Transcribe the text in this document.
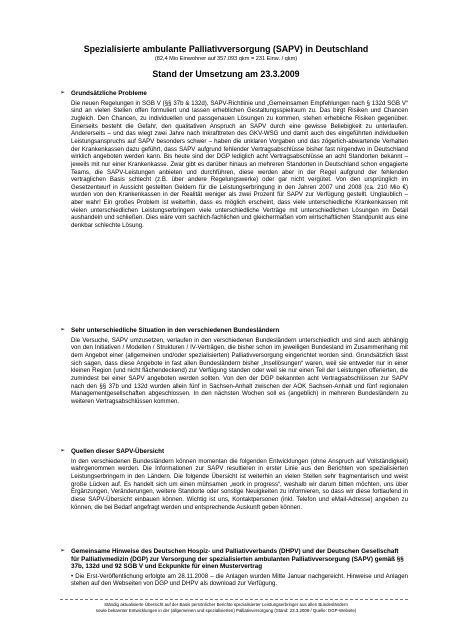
Spezialisierte ambulante Palliativversorgung (SAPV) in Deutschland
(82,4 Mio Einwohner auf 357.093 qkm = 231 Einw. / qkm)
Stand der Umsetzung am 23.3.2009
➢ Grundsätzliche Probleme

Die neuen Regelungen in SGB V (§§ 37b & 132d), SAPV-Richtlinie und „Gemeinsamen Empfehlungen nach § 132d SGB V“ sind an vielen Stellen offen formuliert und lassen erheblichen Gestaltungsspielraum zu. Das birgt Risiken und Chancen zugleich. Den Chancen, zu individuellen und passgenauen Lösungen zu kommen, stehen erhebliche Risiken gegenüber. Einerseits besteht die Gefahr, den qualitativen Anspruch an SAPV durch eine gewisse Beliebigkeit zu unterlaufen. Andererseits – und das wiegt zwei Jahre nach Inkrafttreten des GKV-WSG und damit auch des eingeführten individuellen Leistungsanspruchs auf SAPV besonders schwer – haben die unklaren Vorgaben und das zögerlich-abwartende Verhalten der Krankenkassen dazu geführt, dass SAPV aufgrund fehlender Vertragsabschlüsse bisher fast nirgendwo in Deutschland wirklich angeboten werden kann. Bis heute sind der DGP lediglich acht Vertragsabschlüsse an acht Standorten bekannt – jeweils mit nur einer Krankenkasse. Zwar gibt es darüber hinaus an mehreren Standorten in Deutschland schon engagierte Teams, die SAPV-Leistungen anbieten und durchführen, diese werden aber in der Regel aufgrund der fehlenden vertraglichen Basis schlecht (z.B. über andere Regelungswerke) oder gar nicht vergütet. Von den ursprünglich im Gesetzentwurf in Aussicht gestellten Geldern für die Leistungserbringung in den Jahren 2007 und 2008 (ca. 210 Mio €) wurden von den Krankenkassen in der Realität weniger als zwei Prozent für SAPV zur Verfügung gestellt. Unglaublich – aber wahr! Ein großes Problem ist weiterhin, dass es möglich erscheint, dass viele unterschiedliche Krankenkassen mit vielen unterschiedlichen Leistungserbringern viele unterschiedliche Verträge mit unterschiedlichen Lösungen im Detail aushandeln und schließen. Dies wäre vom sachlich-fachlichen und gleichermaßen vom wirtschaftlichen Standpunkt aus eine denkbar schlechte Lösung.

➢ Sehr unterschiedliche Situation in den verschiedenen Bundesländern

Die Versuche, SAPV umzusetzen, verlaufen in den verschiedenen Bundesländern unterschiedlich und sind auch abhängig von den Initiativen / Modellen / Strukturen / IV-Verträgen, die bisher schon im jeweiligen Bundesland im Zusammenhang mit dem Angebot einer (allgemeinen und/oder spezialisierten) Palliativversorgung eingerichtet worden sind. Grundsätzlich lässt sich sagen, dass diese Angebote in fast allen Bundesländern bisher „Insellösungen“ waren, weil sie entweder nur in einer kleinen Region (und nicht flächendeckend) zur Verfügung standen oder weil sie nur einen Teil der Leistungen offerierten, die zumindest bei einer SAPV angeboten werden sollten. Von den der DGP bekannten acht Vertragsabschlüssen zur SAPV nach den §§ 37b und 132d wurden allein fünf in Sachsen-Anhalt zwischen der AOK Sachsen-Anhalt und fünf regionalen Managementgesellschaften abgeschlossen. In den nächsten Wochen soll es (angeblich) in mehreren Bundesländern zu weiteren Vertragsabschlüssen kommen.

➢ Quellen dieser SAPV-Übersicht

In den verschiedenen Bundesländern können momentan die folgenden Entwicklungen (ohne Anspruch auf Vollständigkeit) wahrgenommen werden. Die Informationen zur SAPV resultieren in erster Linie aus den Berichten von spezialisierten Leistungserbringern in den Ländern. Die folgende Übersicht ist weiterhin an vielen Stellen sehr fragmentarisch und weist große Lücken auf. Es handelt sich um einen mühsamen „work in progress“, weshalb wir darum bitten möchten, uns über Ergänzungen, Veränderungen, weitere Standorte oder sonstige Neuigkeiten zu informieren, so dass wir diese fortlaufend in diese SAPV-Übersicht einbauen können. Wichtig ist uns, Kontaktpersonen (inkl. Telefon und eMail-Adresse) angeben zu können, die bei Bedarf angefragt werden und entsprechende Auskunft geben können.

➢ Gemeinsame Hinweise des Deutschen Hospiz- und Palliativverbands (DHPV) und der Deutschen Gesellschaft für Palliativmedizin (DGP) zur Versorgung der spezialisierten ambulanten Palliativversorgung (SAPV) gemäß §§ 37b, 132d und 92 SGB V und Eckpunkte für einen Mustervertrag

• Die Erst-Veröffentlichung erfolgte am 28.11.2008 – die Anlagen wurden Mitte Januar nachgereicht. Hinweise und Anlagen stehen auf den Webseiten von DGP und DHPV als download zur Verfügung.

Ständig aktualisierte Übersicht auf der Basis persönlicher Berichte spezialisierter Leistungserbringer aus allen Bundesländern
sowie bekannter Entwicklungen in der (allgemeinen und spezialisierten) Palliativversorgung (Stand: 23.3.2009 / Quelle: DGP-Website)
